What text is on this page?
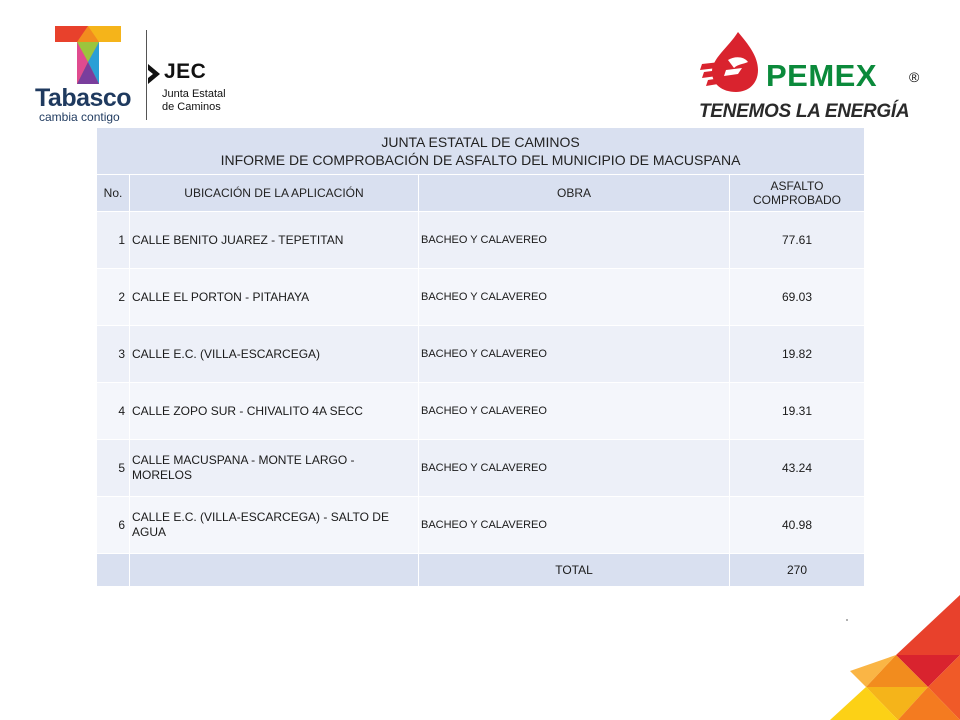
Tabasco
cambia contigo
JEC
Junta Estatal
de Caminos
PEMEX ®
TENEMOS LA ENERGÍA
JUNTA ESTATAL DE CAMINOS
INFORME DE COMPROBACIÓN DE ASFALTO DEL MUNICIPIO DE MACUSPANA			

No.	UBICACIÓN DE LA APLICACIÓN	OBRA	ASFALTO
COMPROBADO

1	CALLE BENITO JUAREZ - TEPETITAN	BACHEO Y CALAVEREO	77.61
2	CALLE EL PORTON - PITAHAYA	BACHEO Y CALAVEREO	69.03
3	CALLE E.C. (VILLA-ESCARCEGA)	BACHEO Y CALAVEREO	19.82
4	CALLE ZOPO SUR - CHIVALITO 4A SECC	BACHEO Y CALAVEREO	19.31
5	CALLE MACUSPANA - MONTE LARGO - MORELOS	BACHEO Y CALAVEREO	43.24
6	CALLE E.C. (VILLA-ESCARCEGA) - SALTO DE AGUA	BACHEO Y CALAVEREO	40.98
		TOTAL	270
